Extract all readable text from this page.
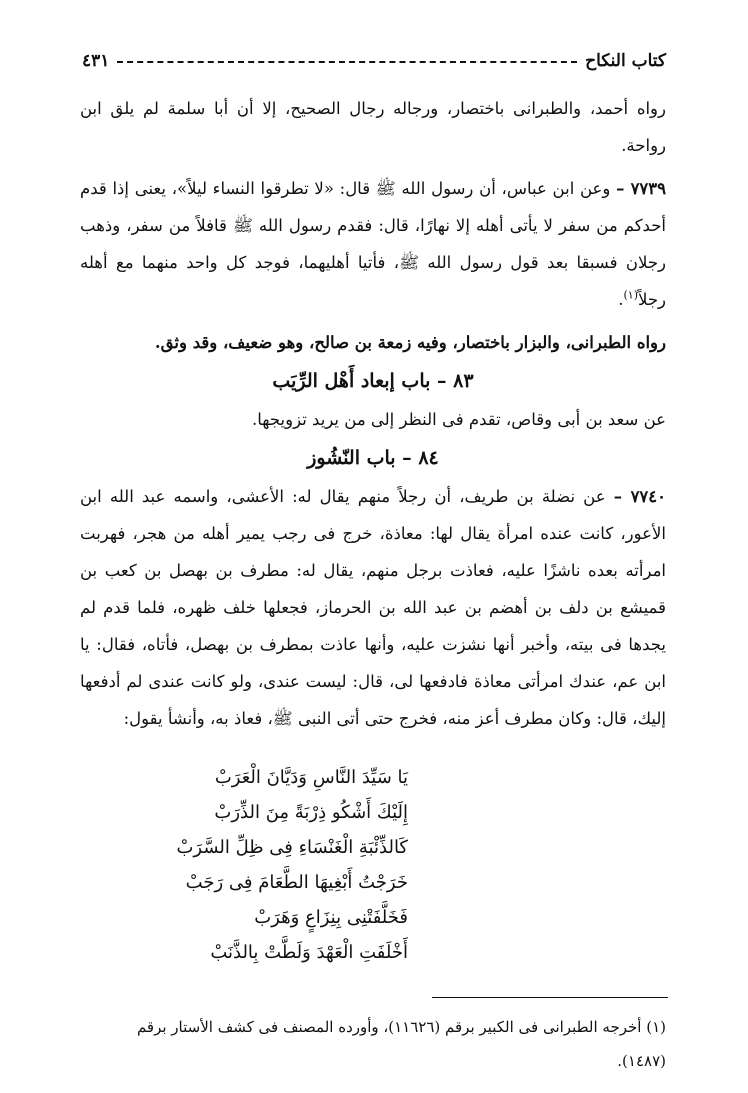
كتاب النكاح
٤٣١

رواه أحمد، والطبرانى باختصار، ورجاله رجال الصحيح، إلا أن أبا سلمة لم يلق ابن رواحة.

٧٧٣٩ – وعن ابن عباس، أن رسول الله ﷺ قال: «لا تطرقوا النساء ليلاً»، يعنى إذا قدم أحدكم من سفر لا يأتى أهله إلا نهارًا، قال: فقدم رسول الله ﷺ قافلاً من سفر، وذهب رجلان فسبقا بعد قول رسول الله ﷺ، فأتيا أهليهما، فوجد كل واحد منهما مع أهله رجلاً$^{(١)}$.

رواه الطبرانى، والبزار باختصار، وفيه زمعة بن صالح، وهو ضعيف، وقد وثق.

٨٣ – باب إبعاد أَهْل الرِّيَب

عن سعد بن أبى وقاص، تقدم فى النظر إلى من يريد تزويجها.

٨٤ – باب النّشُوز

٧٧٤٠ – عن نضلة بن طريف، أن رجلاً منهم يقال له: الأعشى، واسمه عبد الله ابن الأعور، كانت عنده امرأة يقال لها: معاذة، خرج فى رجب يمير أهله من هجر، فهربت امرأته بعده ناشزًا عليه، فعاذت برجل منهم، يقال له: مطرف بن بهصل بن كعب بن قميشع بن دلف بن أهضم بن عبد الله بن الحرماز، فجعلها خلف ظهره، فلما قدم لم يجدها فى بيته، وأخبر أنها نشزت عليه، وأنها عاذت بمطرف بن بهصل، فأتاه، فقال: يا ابن عم، عندك امرأتى معاذة فادفعها لى، قال: ليست عندى، ولو كانت عندى لم أدفعها إليك، قال: وكان مطرف أعز منه، فخرج حتى أتى النبى ﷺ، فعاذ به، وأنشأ يقول:

يَا سَيِّدَ النَّاسِ وَدَيَّانَ الْعَرَبْ
إِلَيْكَ أَشْكُو ذِرْبَةً مِنَ الذِّرَبْ
كَالذِّئْبَةِ الْغَنْسَاءِ فِى ظِلِّ السَّرَبْ
خَرَجْتُ أَبْغِيهَا الطَّعَامَ فِى رَجَبْ
فَخَلَّفَتْنِى بِنِزَاعٍ وَهَرَبْ
أَخْلَفَتِ الْعَهْدَ وَلَطَّتْ بِالذَّنَبْ

(١) أخرجه الطبرانى فى الكبير برقم (١١٦٢٦)، وأورده المصنف فى كشف الأستار برقم

(١٤٨٧).
